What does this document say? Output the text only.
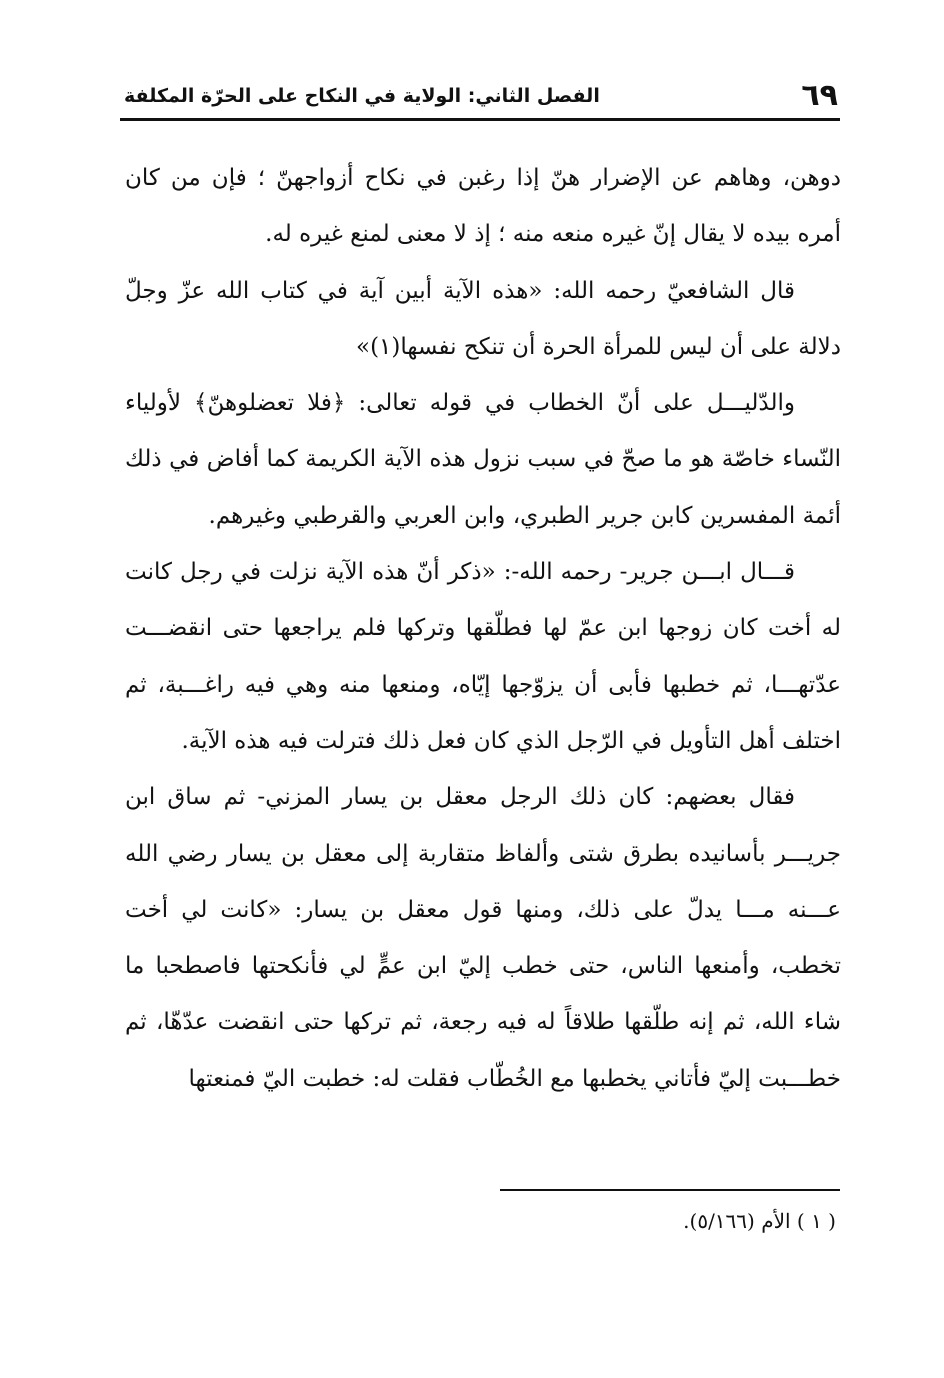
٦٩
الفصل الثاني: الولاية في النكاح على الحرّة المكلفة

دوهن، وهاهم عن الإضرار هنّ إذا رغبن في نكاح أزواجهنّ ؛ فإن من كان أمره بيده لا يقال إنّ غيره منعه منه ؛ إذ لا معنى لمنع غيره له.

قال الشافعيّ رحمه الله: «هذه الآية أبين آية في كتاب الله عزّ وجلّ دلالة على أن ليس للمرأة الحرة أن تنكح نفسها(١)»

والدّليـــل على أنّ الخطاب في قوله تعالى: ﴿فلا تعضلوهنّ﴾ لأولياء النّساء خاصّة هو ما صحّ في سبب نزول هذه الآية الكريمة كما أفاض في ذلك أئمة المفسرين كابن جرير الطبري، وابن العربي والقرطبي وغيرهم.

قـــال ابـــن جرير- رحمه الله-: «ذكر أنّ هذه الآية نزلت في رجل كانت له أخت كان زوجها ابن عمّ لها فطلّقها وتركها فلم يراجعها حتى انقضـــت عدّتهـــا، ثم خطبها فأبى أن يزوّجها إيّاه، ومنعها منه وهي فيه راغـــبة، ثم اختلف أهل التأويل في الرّجل الذي كان فعل ذلك فترلت فيه هذه الآية.

فقال بعضهم: كان ذلك الرجل معقل بن يسار المزني- ثم ساق ابن جريـــر بأسانيده بطرق شتى وألفاظ متقاربة إلى معقل بن يسار رضي الله عـــنه مـــا يدلّ على ذلك، ومنها قول معقل بن يسار: «كانت لي أخت تخطب، وأمنعها الناس، حتى خطب إليّ ابن عمٍّ لي فأنكحتها فاصطحبا ما شاء الله، ثم إنه طلّقها طلاقاً له فيه رجعة، ثم تركها حتى انقضت عدّهّا، ثم خطـــبت إليّ فأتاني يخطبها مع الخُطّاب فقلت له: خطبت اليّ فمنعتها

( ١ ) الأم (٥/١٦٦).
